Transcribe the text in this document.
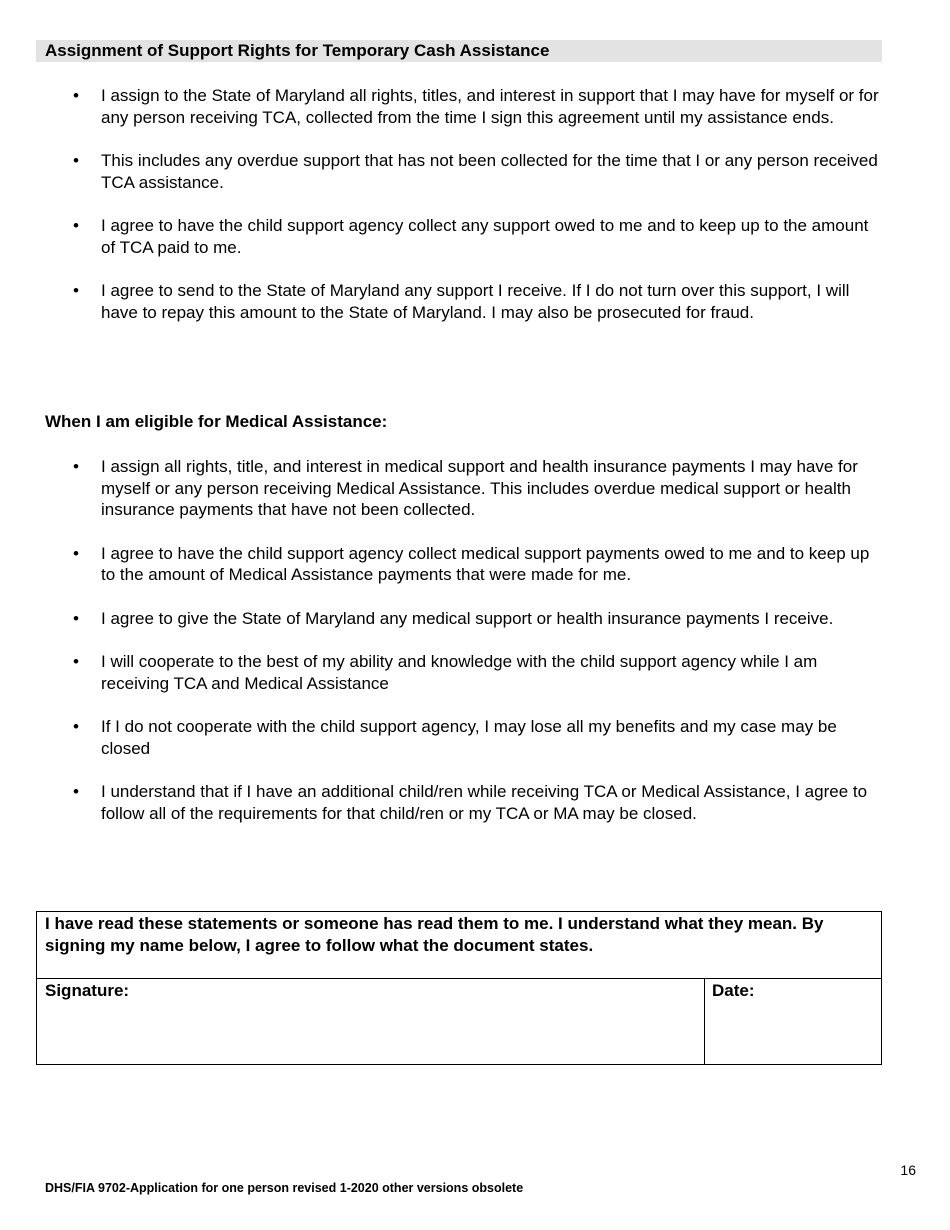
Assignment of Support Rights for Temporary Cash Assistance
• I assign to the State of Maryland all rights, titles, and interest in support that I may have for myself or for any person receiving TCA, collected from the time I sign this agreement until my assistance ends.
• This includes any overdue support that has not been collected for the time that I or any person received TCA assistance.
• I agree to have the child support agency collect any support owed to me and to keep up to the amount of TCA paid to me.
• I agree to send to the State of Maryland any support I receive. If I do not turn over this support, I will have to repay this amount to the State of Maryland. I may also be prosecuted for fraud.
When I am eligible for Medical Assistance:
• I assign all rights, title, and interest in medical support and health insurance payments I may have for myself or any person receiving Medical Assistance. This includes overdue medical support or health insurance payments that have not been collected.
• I agree to have the child support agency collect medical support payments owed to me and to keep up to the amount of Medical Assistance payments that were made for me.
• I agree to give the State of Maryland any medical support or health insurance payments I receive.
• I will cooperate to the best of my ability and knowledge with the child support agency while I am receiving TCA and Medical Assistance
• If I do not cooperate with the child support agency, I may lose all my benefits and my case may be closed
• I understand that if I have an additional child/ren while receiving TCA or Medical Assistance, I agree to follow all of the requirements for that child/ren or my TCA or MA may be closed.
I have read these statements or someone has read them to me. I understand what they mean. By signing my name below, I agree to follow what the document states.
Signature:	Date:
16
DHS/FIA 9702-Application for one person revised 1-2020 other versions obsolete
